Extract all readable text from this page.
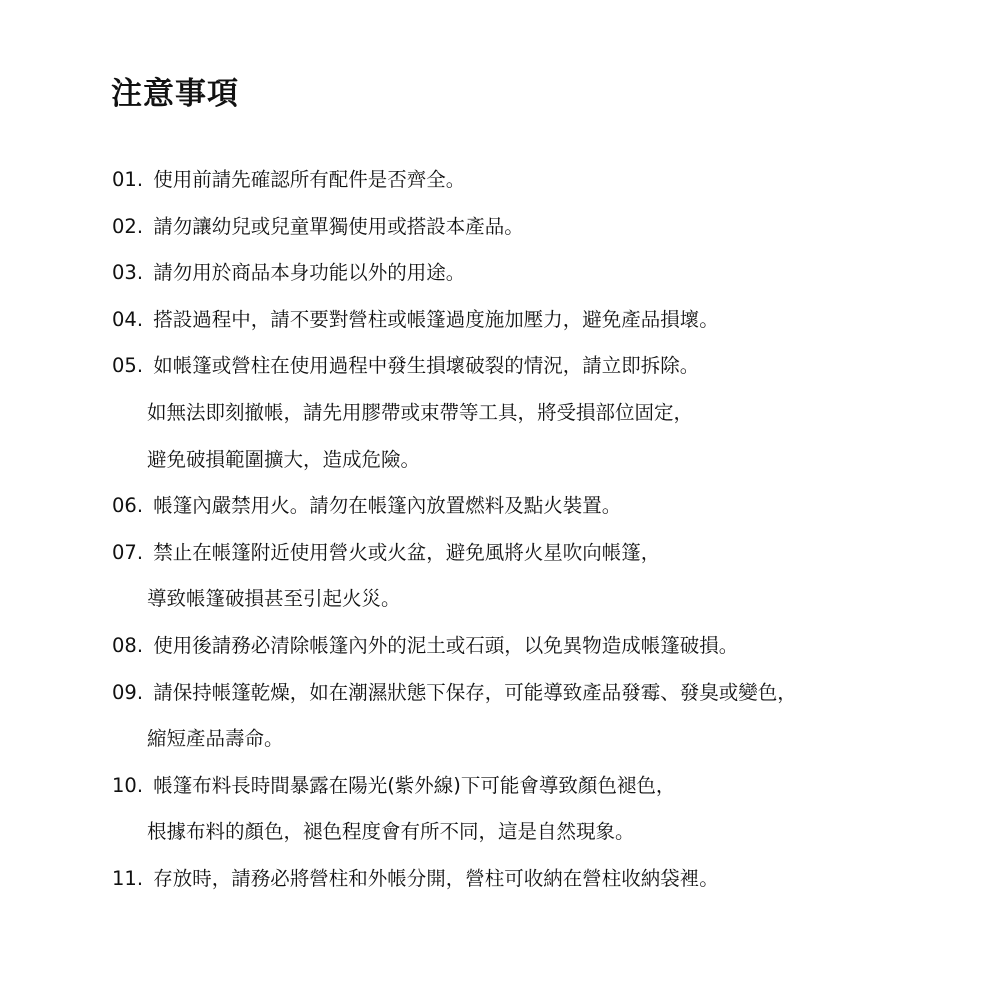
注意事項
01. 使用前請先確認所有配件是否齊全。
02. 請勿讓幼兒或兒童單獨使用或搭設本產品。
03. 請勿用於商品本身功能以外的用途。
04. 搭設過程中，請不要對營柱或帳篷過度施加壓力，避免產品損壞。
05. 如帳篷或營柱在使用過程中發生損壞破裂的情況，請立即拆除。
如無法即刻撤帳，請先用膠帶或束帶等工具，將受損部位固定，
避免破損範圍擴大，造成危險。
06. 帳篷內嚴禁用火。請勿在帳篷內放置燃料及點火裝置。
07. 禁止在帳篷附近使用營火或火盆，避免風將火星吹向帳篷，
導致帳篷破損甚至引起火災。
08. 使用後請務必清除帳篷內外的泥土或石頭，以免異物造成帳篷破損。
09. 請保持帳篷乾燥，如在潮濕狀態下保存，可能導致產品發霉、發臭或變色，
縮短產品壽命。
10. 帳篷布料長時間暴露在陽光(紫外線)下可能會導致顏色褪色，
根據布料的顏色，褪色程度會有所不同，這是自然現象。
11. 存放時，請務必將營柱和外帳分開，營柱可收納在營柱收納袋裡。
